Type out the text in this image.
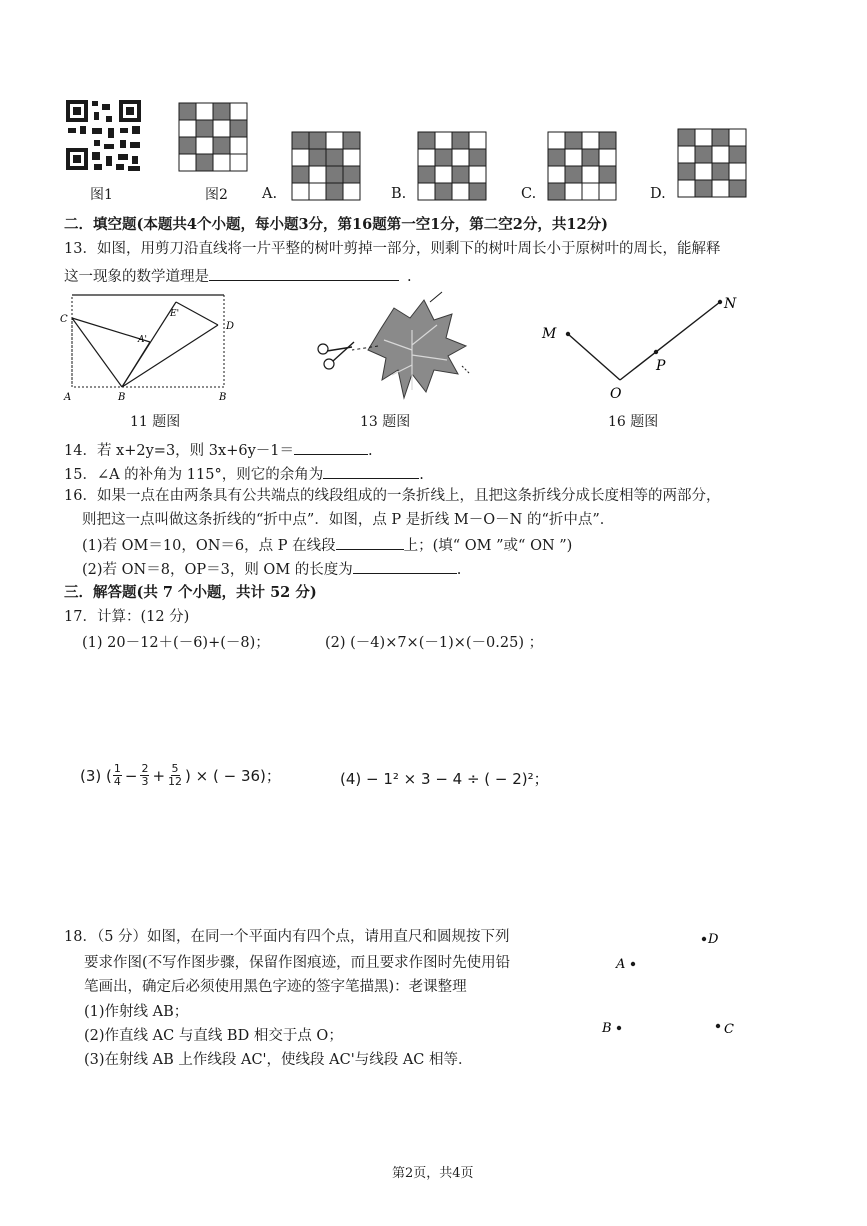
图1	图2 A.	B.	C.	D.
二．填空题(本题共4个小题，每小题3分，第16题第一空1分，第二空2分，共12分)
13．如图，用剪刀沿直线将一片平整的树叶剪掉一部分，则剩下的树叶周长小于原树叶的周长，能解释
这一现象的数学道理是	.
C
D
A	B	B
A'
E'
11 题图	13 题图
M
N
O
P
16 题图
14．若 x+2y=3，则 3x+6y－1＝	.
15．∠A 的补角为 115°，则它的余角为	.
16．如果一点在由两条具有公共端点的线段组成的一条折线上，且把这条折线分成长度相等的两部分，
则把这一点叫做这条折线的“折中点”．如图，点 P 是折线 M－O－N 的“折中点”．
(1)若 OM＝10，ON＝6，点 P 在线段	上；(填“ OM ”或“ ON ”)
(2)若 ON＝8，OP＝3，则 OM 的长度为	.
三．解答题(共 7 个小题，共计 52 分)
17．计算：(12 分)
(1) 20－12＋(－6)+(－8)；	(2) (－4)×7×(－1)×(－0.25) ；
(3) ( $\frac{1}{4} - \frac{2}{3} + \frac{5}{12}$ ) × ( − 36)；	(4) − 1² × 3 − 4 ÷ ( − 2)²；
18．（5 分）如图，在同一个平面内有四个点，请用直尺和圆规按下列
要求作图(不写作图步骤，保留作图痕迹，而且要求作图时先使用铅
笔画出，确定后必须使用黑色字迹的签字笔描黑)：老课整理
(1)作射线 AB；
(2)作直线 AC 与直线 BD 相交于点 O；
(3)在射线 AB 上作线段 AC'，使线段 AC'与线段 AC 相等．
D
A
B	C
第2页，共4页
